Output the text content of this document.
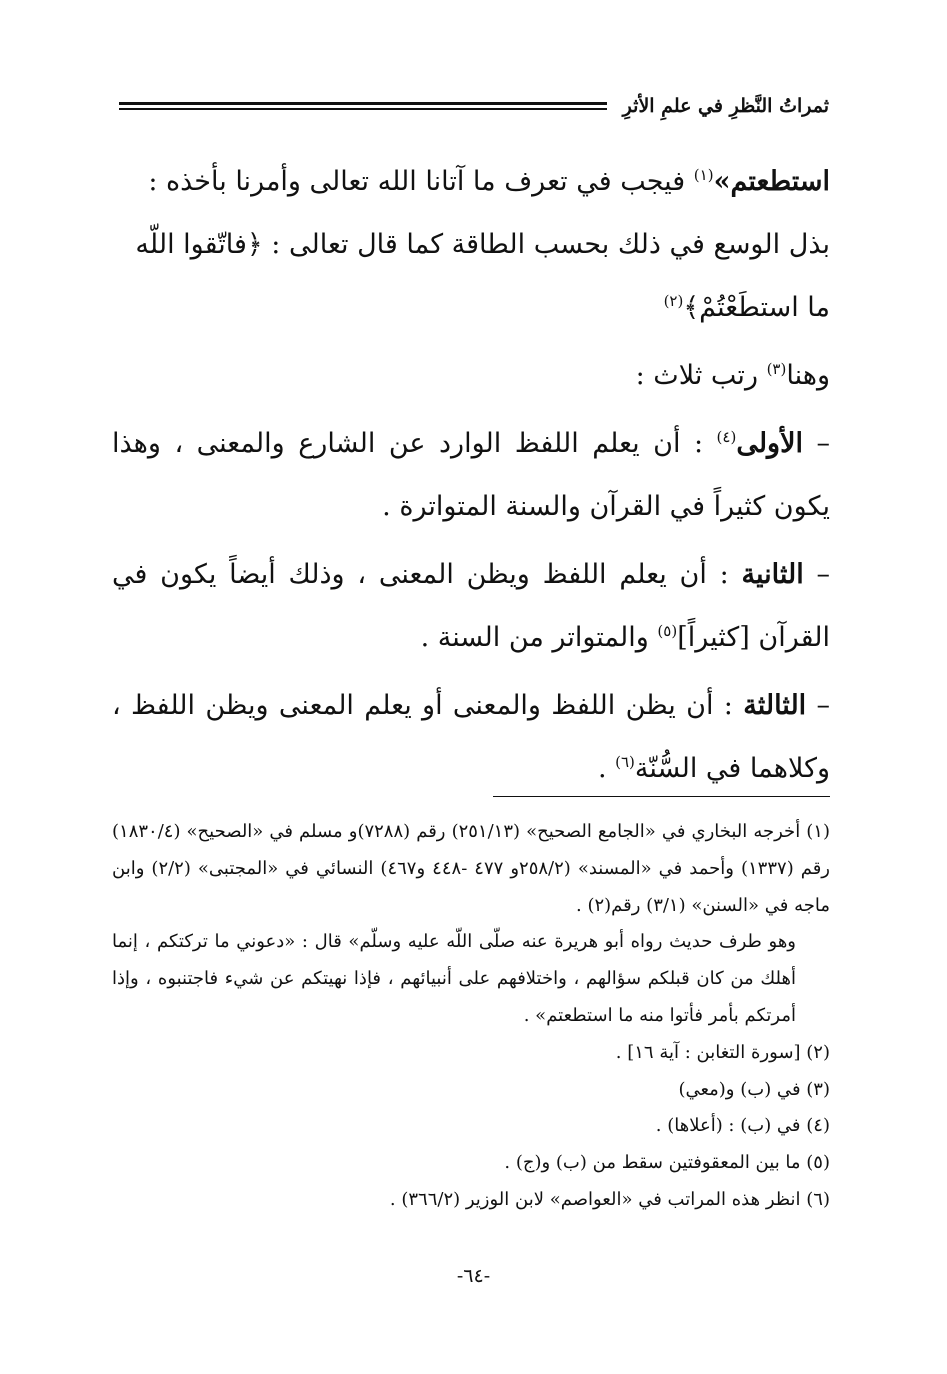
ثمراتُ النَّظرِ في علمِ الأثرِ

استطعتم»$^{(١)}$ فيجب في تعرف ما آتانا الله تعالى وأمرنا بأخذه : بذل الوسع في ذلك بحسب الطاقة كما قال تعالى : ﴿فاتّقوا اللّه ما استطَعْتُمْ﴾$^{(٢)}$

وهنا$^{(٣)}$ رتب ثلاث :

– الأولى$^{(٤)}$ : أن يعلم اللفظ الوارد عن الشارع والمعنى ، وهذا يكون كثيراً في القرآن والسنة المتواترة .

– الثانية : أن يعلم اللفظ ويظن المعنى ، وذلك أيضاً يكون في القرآن [كثيراً]$^{(٥)}$ والمتواتر من السنة .

– الثالثة : أن يظن اللفظ والمعنى أو يعلم المعنى ويظن اللفظ ، وكلاهما في السُّنّة$^{(٦)}$ .

(١) أخرجه البخاري في «الجامع الصحيح» (٢٥١/١٣) رقم (٧٢٨٨)و مسلم في «الصحيح» (١٨٣٠/٤) رقم (١٣٣٧) وأحمد في «المسند» (٢٥٨/٢و ٤٧٧ -٤٤٨ و٤٦٧) النسائي في «المجتبى» (٢/٢) وابن ماجه في «السنن» (٣/١) رقم(٢) .

وهو طرف حديث رواه أبو هريرة عنه صلّى اللّه عليه وسلّم» قال : «دعوني ما تركتكم ، إنما أهلك من كان قبلكم سؤالهم ، واختلافهم على أنبيائهم ، فإذا نهيتكم عن شيء فاجتنبوه ، وإذا أمرتكم بأمر فأتوا منه ما استطعتم» .

(٢) [سورة التغابن : آية ١٦] .

(٣) في (ب) و(معي)

(٤) في (ب) : (أعلاها) .

(٥) ما بين المعقوفتين سقط من (ب) و(ج) .

(٦) انظر هذه المراتب في «العواصم» لابن الوزير (٣٦٦/٢) .

-٦٤-
